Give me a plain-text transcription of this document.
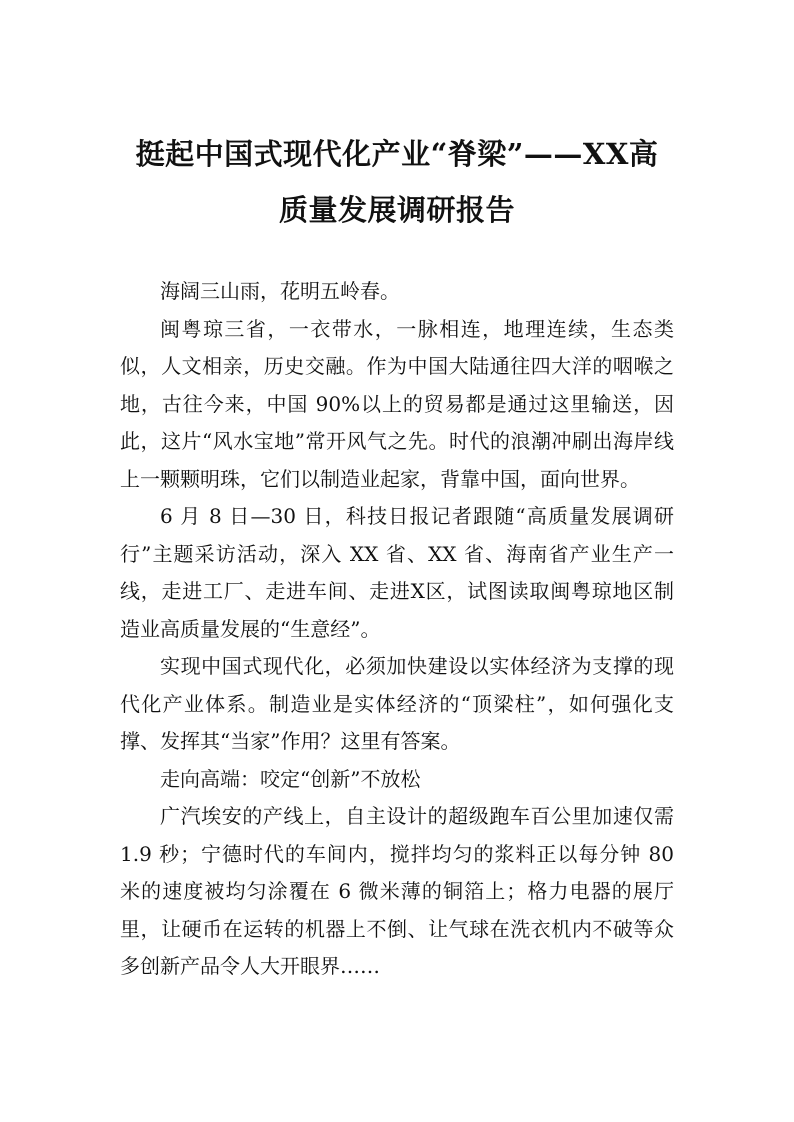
挺起中国式现代化产业“脊梁”——XX高
质量发展调研报告

海阔三山雨，花明五岭春。

闽粤琼三省，一衣带水，一脉相连，地理连续，生态类似，人文相亲，历史交融。作为中国大陆通往四大洋的咽喉之地，古往今来，中国 90%以上的贸易都是通过这里输送，因此，这片“风水宝地”常开风气之先。时代的浪潮冲刷出海岸线上一颗颗明珠，它们以制造业起家，背靠中国，面向世界。

6 月 8 日—30 日，科技日报记者跟随“高质量发展调研行”主题采访活动，深入 XX 省、XX 省、海南省产业生产一线，走进工厂、走进车间、走进X区，试图读取闽粤琼地区制造业高质量发展的“生意经”。

实现中国式现代化，必须加快建设以实体经济为支撑的现代化产业体系。制造业是实体经济的“顶梁柱”，如何强化支撑、发挥其“当家”作用？这里有答案。

走向高端：咬定“创新”不放松

广汽埃安的产线上，自主设计的超级跑车百公里加速仅需 1.9 秒；宁德时代的车间内，搅拌均匀的浆料正以每分钟 80 米的速度被均匀涂覆在 6 微米薄的铜箔上；格力电器的展厅里，让硬币在运转的机器上不倒、让气球在洗衣机内不破等众多创新产品令人大开眼界……
